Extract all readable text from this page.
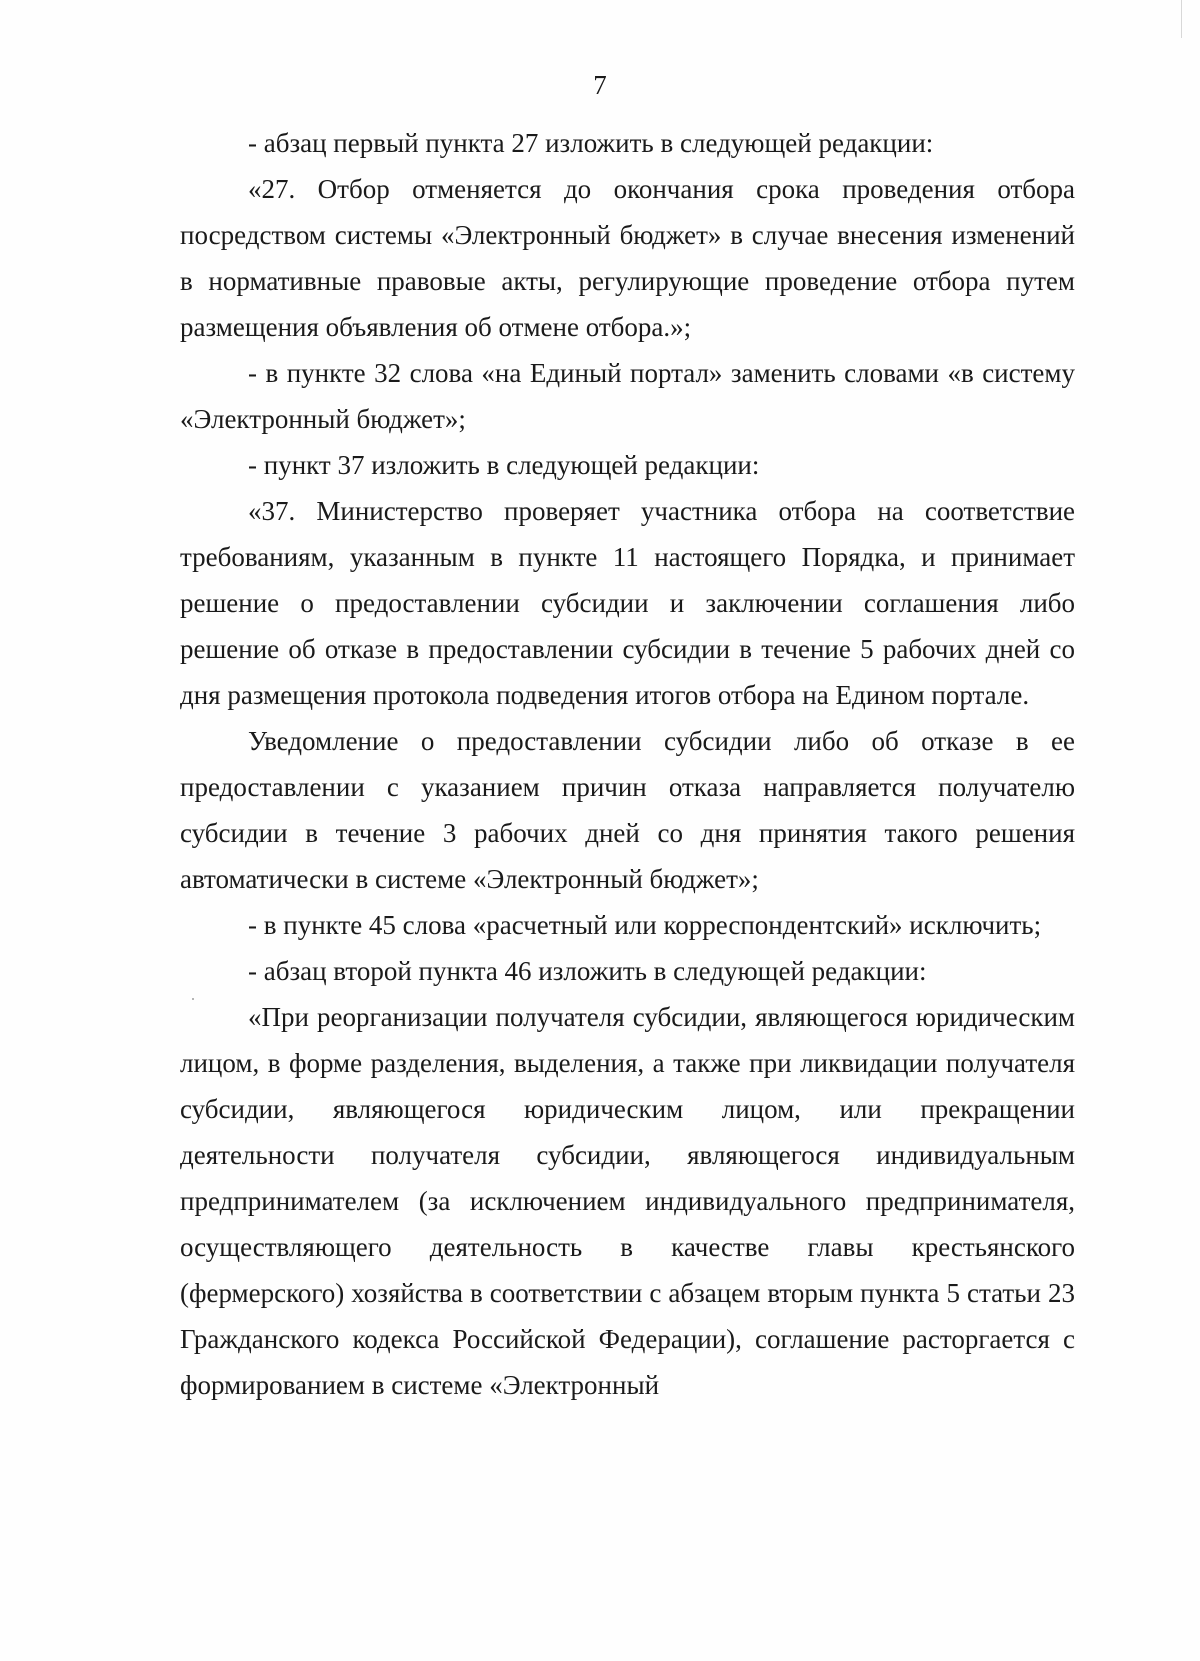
7

- абзац первый пункта 27 изложить в следующей редакции:

«27. Отбор отменяется до окончания срока проведения отбора посредством системы «Электронный бюджет» в случае внесения изменений в нормативные правовые акты, регулирующие проведение отбора путем размещения объявления об отмене отбора.»;

- в пункте 32 слова «на Единый портал» заменить словами «в систему «Электронный бюджет»;

- пункт 37 изложить в следующей редакции:

«37. Министерство проверяет участника отбора на соответствие требованиям, указанным в пункте 11 настоящего Порядка, и принимает решение о предоставлении субсидии и заключении соглашения либо решение об отказе в предоставлении субсидии в течение 5 рабочих дней со дня размещения протокола подведения итогов отбора на Едином портале.

Уведомление о предоставлении субсидии либо об отказе в ее предоставлении с указанием причин отказа направляется получателю субсидии в течение 3 рабочих дней со дня принятия такого решения автоматически в системе «Электронный бюджет»;

- в пункте 45 слова «расчетный или корреспондентский» исключить;

- абзац второй пункта 46 изложить в следующей редакции:

«При реорганизации получателя субсидии, являющегося юридическим лицом, в форме разделения, выделения, а также при ликвидации получателя субсидии, являющегося юридическим лицом, или прекращении деятельности получателя субсидии, являющегося индивидуальным предпринимателем (за исключением индивидуального предпринимателя, осуществляющего деятельность в качестве главы крестьянского (фермерского) хозяйства в соответствии с абзацем вторым пункта 5 статьи 23 Гражданского кодекса Российской Федерации), соглашение расторгается с формированием в системе «Электронный
